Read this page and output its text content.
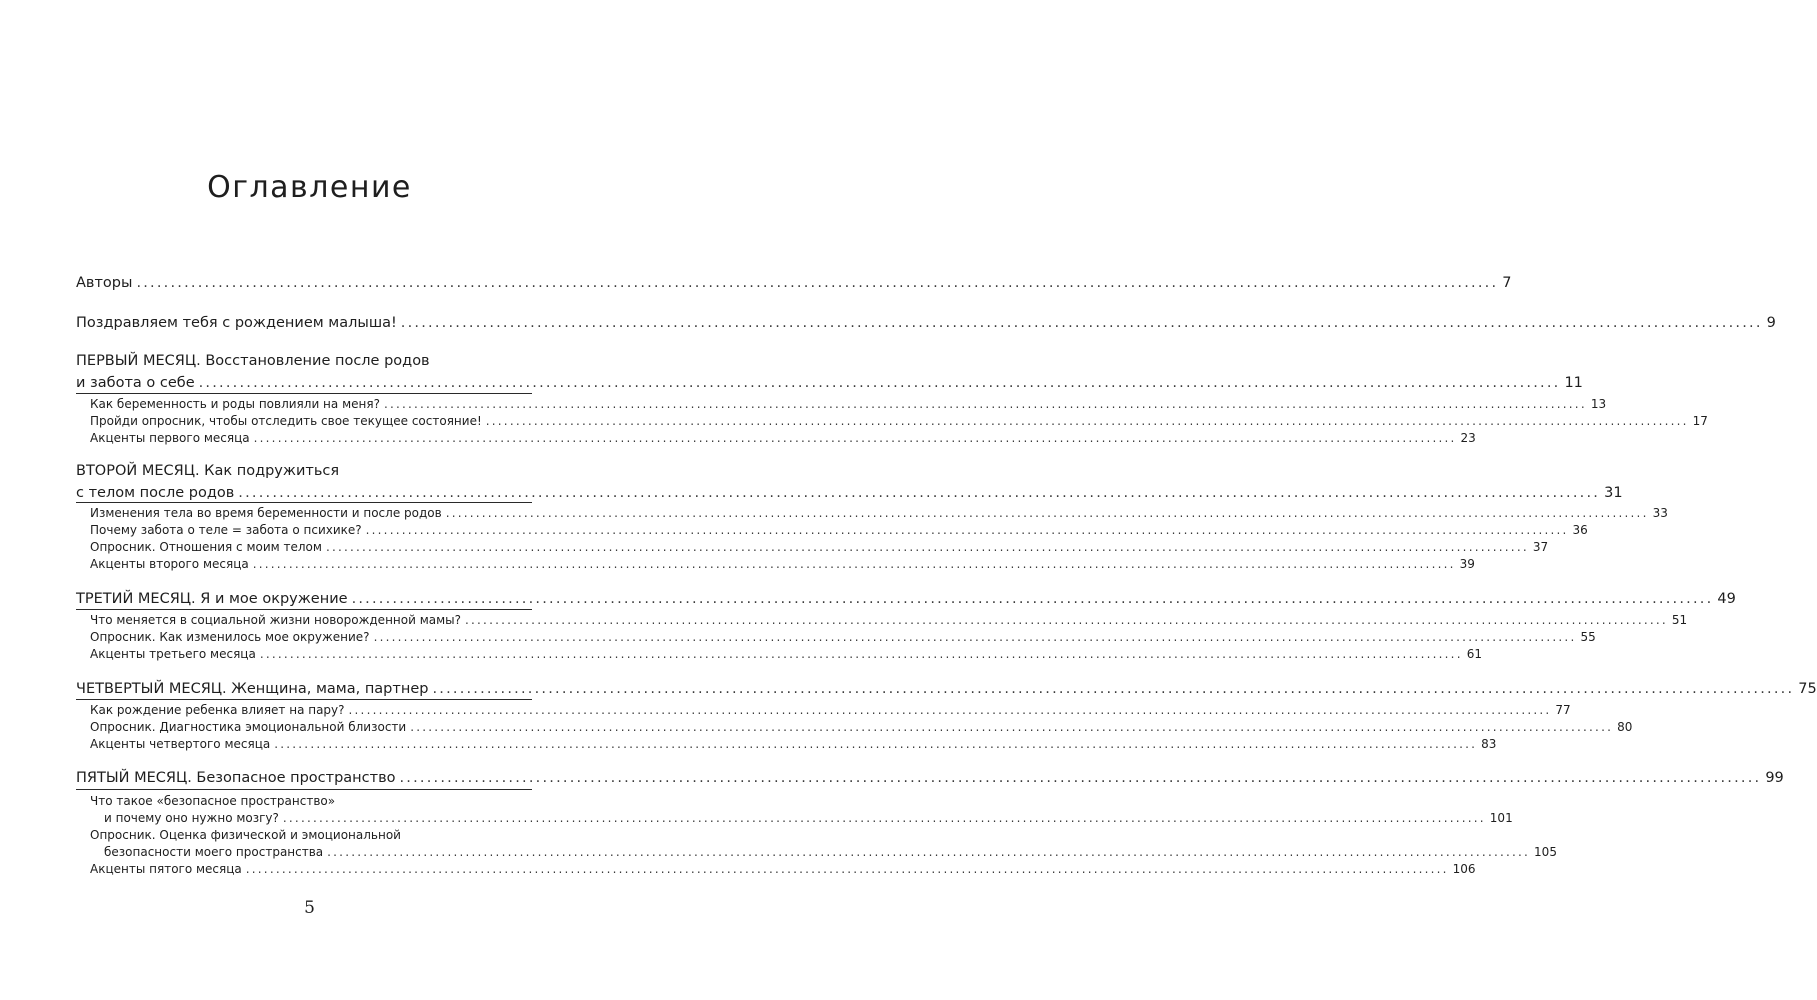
Оглавление
Авторы ........................................................................................................................................................................................................ 7
Поздравляем тебя с рождением малыша! ........................................................................................................................................................................................................ 9
ПЕРВЫЙ МЕСЯЦ. Восстановление после родов
и забота о себе ........................................................................................................................................................................................................ 11
Как беременность и роды повлияли на меня? ........................................................................................................................................................................................................ 13
Пройди опросник, чтобы отследить свое текущее состояние! ........................................................................................................................................................................................................ 17
Акценты первого месяца ........................................................................................................................................................................................................ 23
ВТОРОЙ МЕСЯЦ. Как подружиться
с телом после родов ........................................................................................................................................................................................................ 31
Изменения тела во время беременности и после родов ........................................................................................................................................................................................................ 33
Почему забота о теле = забота о психике? ........................................................................................................................................................................................................ 36
Опросник. Отношения с моим телом ........................................................................................................................................................................................................ 37
Акценты второго месяца ........................................................................................................................................................................................................ 39
ТРЕТИЙ МЕСЯЦ. Я и мое окружение ........................................................................................................................................................................................................ 49
Что меняется в социальной жизни новорожденной мамы? ........................................................................................................................................................................................................ 51
Опросник. Как изменилось мое окружение? ........................................................................................................................................................................................................ 55
Акценты третьего месяца ........................................................................................................................................................................................................ 61
ЧЕТВЕРТЫЙ МЕСЯЦ. Женщина, мама, партнер ........................................................................................................................................................................................................ 75
Как рождение ребенка влияет на пару? ........................................................................................................................................................................................................ 77
Опросник. Диагностика эмоциональной близости ........................................................................................................................................................................................................ 80
Акценты четвертого месяца ........................................................................................................................................................................................................ 83
ПЯТЫЙ МЕСЯЦ. Безопасное пространство ........................................................................................................................................................................................................ 99
Что такое «безопасное пространство»
и почему оно нужно мозгу? ........................................................................................................................................................................................................ 101
Опросник. Оценка физической и эмоциональной
безопасности моего пространства ........................................................................................................................................................................................................ 105
Акценты пятого месяца ........................................................................................................................................................................................................ 106
5
